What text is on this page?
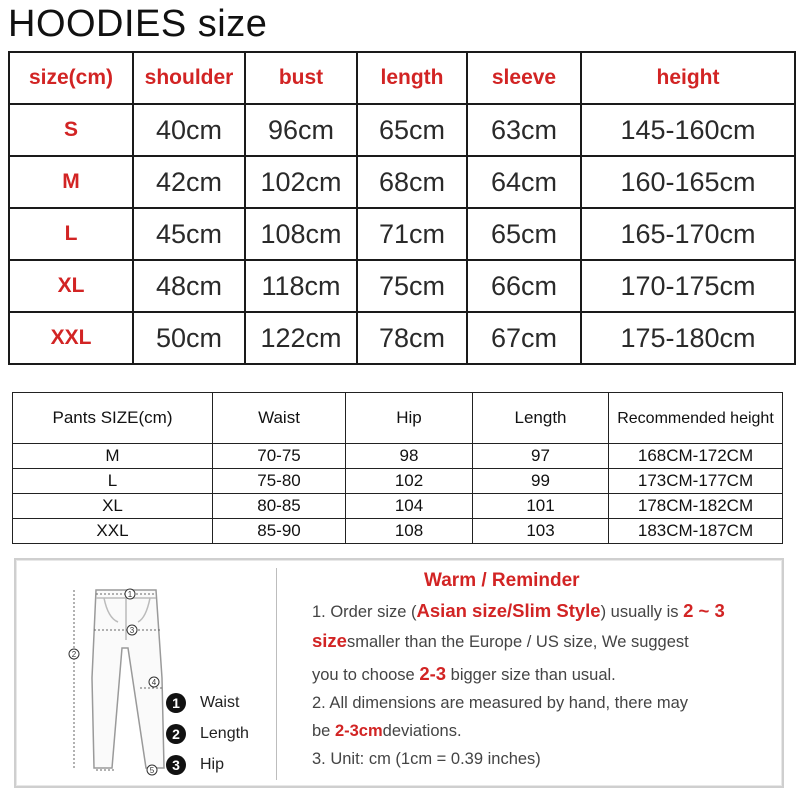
HOODIES size
size(cm)	shoulder	bust	length	sleeve	height
S	40cm	96cm	65cm	63cm	145-160cm
M	42cm	102cm	68cm	64cm	160-165cm
L	45cm	108cm	71cm	65cm	165-170cm
XL	48cm	118cm	75cm	66cm	170-175cm
XXL	50cm	122cm	78cm	67cm	175-180cm
Pants SIZE(cm)	Waist	Hip	Length	Recommended height
M	70-75	98	97	168CM-172CM
L	75-80	102	99	173CM-177CM
XL	80-85	104	101	178CM-182CM
XXL	85-90	108	103	183CM-187CM
1
2
3
4
5
1	Waist
2	Length
3	Hip
Warm / Reminder
1. Order size (Asian size/Slim Style) usually is 2 ~ 3
sizesmaller than the Europe / US size, We suggest
you to choose 2-3 bigger size than usual.
2. All dimensions are measured by hand, there may
be 2-3cmdeviations.
3. Unit: cm (1cm = 0.39 inches)
